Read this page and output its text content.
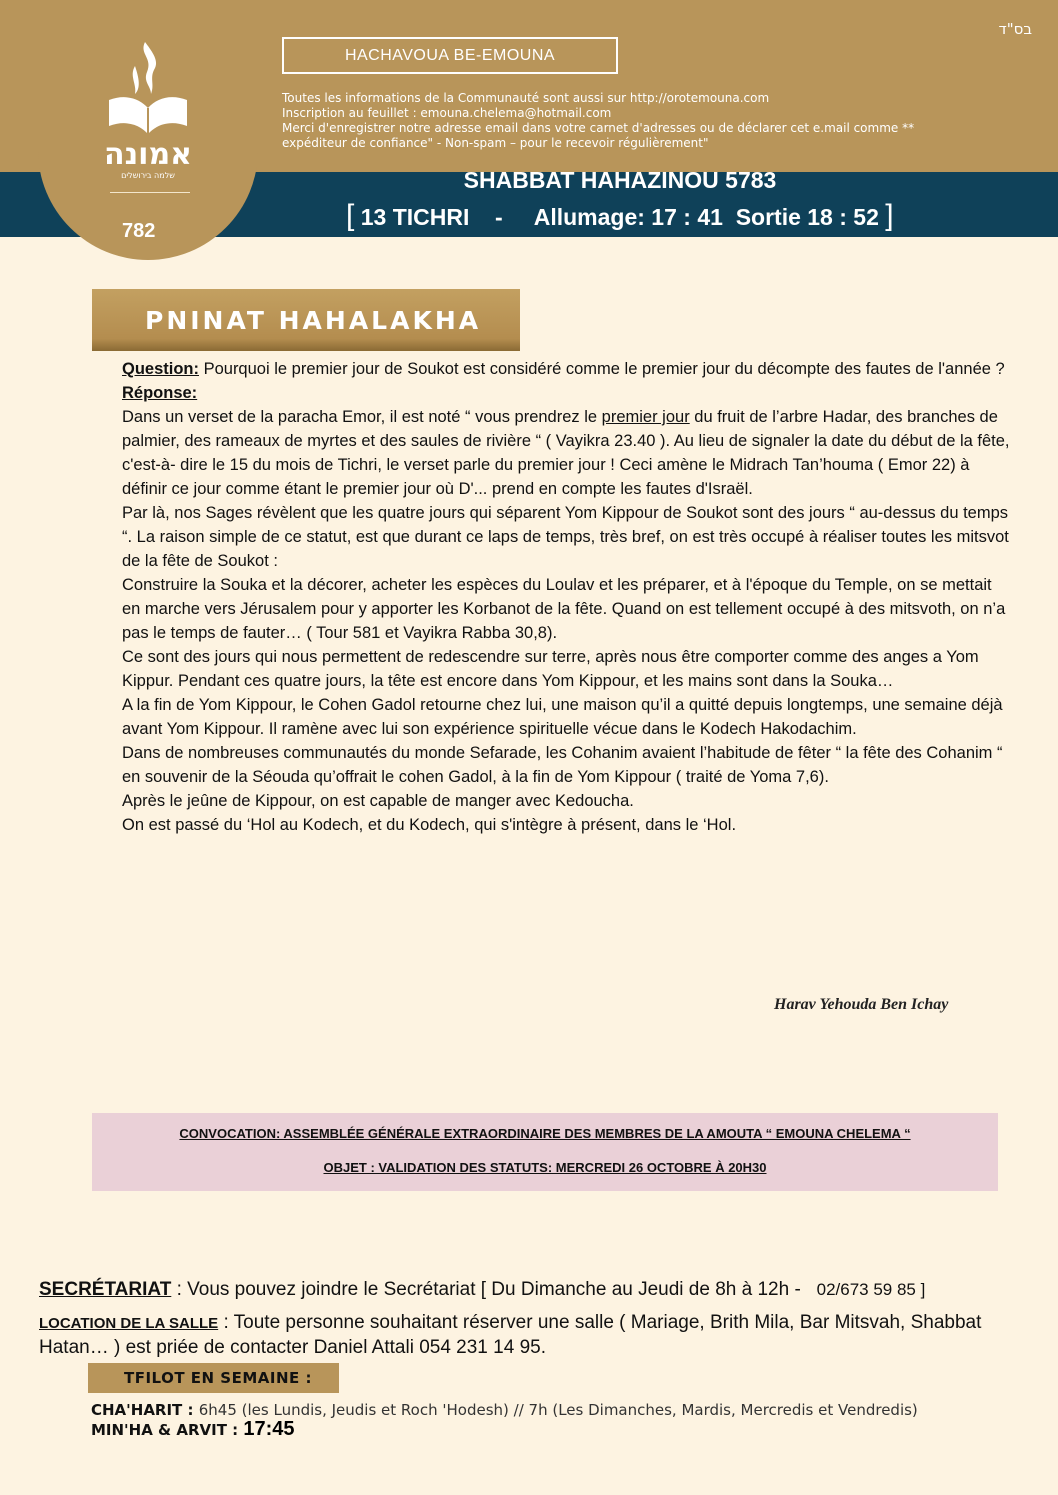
בס"ד
אמונה
שלמה בירושלים
782
HACHAVOUA BE-EMOUNA
Toutes les informations de la Communauté sont aussi sur http://orotemouna.com
Inscription au feuillet : emouna.chelema@hotmail.com
Merci d'enregistrer notre adresse email dans votre carnet d'adresses ou de déclarer cet e.mail comme **
expéditeur de confiance" - Non-spam – pour le recevoir régulièrement"
SHABBAT HAHAZINOU 5783
[ 13 TICHRI - Allumage: 17 : 41 Sortie 18 : 52 ]
PNINAT HAHALAKHA

Question: Pourquoi le premier jour de Soukot est considéré comme le premier jour du décompte des fautes de l'année ?

Réponse:

Dans un verset de la paracha Emor, il est noté “ vous prendrez le premier jour du fruit de l’arbre Hadar, des branches de palmier, des rameaux de myrtes et des saules de rivière “ ( Vayikra 23.40 ). Au lieu de signaler la date du début de la fête, c'est-à- dire le 15 du mois de Tichri, le verset parle du premier jour ! Ceci amène le Midrach Tan’houma ( Emor 22) à définir ce jour comme étant le premier jour où D'... prend en compte les fautes d'Israël.

Par là, nos Sages révèlent que les quatre jours qui séparent Yom Kippour de Soukot sont des jours “ au-dessus du temps “. La raison simple de ce statut, est que durant ce laps de temps, très bref, on est très occupé à réaliser toutes les mitsvot de la fête de Soukot :

Construire la Souka et la décorer, acheter les espèces du Loulav et les préparer, et à l'époque du Temple, on se mettait en marche vers Jérusalem pour y apporter les Korbanot de la fête. Quand on est tellement occupé à des mitsvoth, on n’a pas le temps de fauter… ( Tour 581 et Vayikra Rabba 30,8).

Ce sont des jours qui nous permettent de redescendre sur terre, après nous être comporter comme des anges a Yom Kippur. Pendant ces quatre jours, la tête est encore dans Yom Kippour, et les mains sont dans la Souka…

A la fin de Yom Kippour, le Cohen Gadol retourne chez lui, une maison qu’il a quitté depuis longtemps, une semaine déjà avant Yom Kippour. Il ramène avec lui son expérience spirituelle vécue dans le Kodech Hakodachim.

Dans de nombreuses communautés du monde Sefarade, les Cohanim avaient l’habitude de fêter “ la fête des Cohanim “ en souvenir de la Séouda qu’offrait le cohen Gadol, à la fin de Yom Kippour ( traité de Yoma 7,6).

Après le jeûne de Kippour, on est capable de manger avec Kedoucha.

On est passé du ‘Hol au Kodech, et du Kodech, qui s'intègre à présent, dans le ‘Hol.

Harav Yehouda Ben Ichay
CONVOCATION: ASSEMBLÉE GÉNÉRALE EXTRAORDINAIRE DES MEMBRES DE LA AMOUTA “ EMOUNA CHELEMA “
OBJET : VALIDATION DES STATUTS: MERCREDI 26 OCTOBRE À 20H30
SECRÉTARIAT : Vous pouvez joindre le Secrétariat [ Du Dimanche au Jeudi de 8h à 12h -   02/673 59 85 ]
LOCATION DE LA SALLE : Toute personne souhaitant réserver une salle ( Mariage, Brith Mila, Bar Mitsvah, Shabbat Hatan… ) est priée de contacter Daniel Attali 054 231 14 95.
TFILOT EN SEMAINE :
CHA'HARIT : 6h45 (les Lundis, Jeudis et Roch 'Hodesh) // 7h (Les Dimanches, Mardis, Mercredis et Vendredis)
MIN'HA & ARVIT : 17:45
